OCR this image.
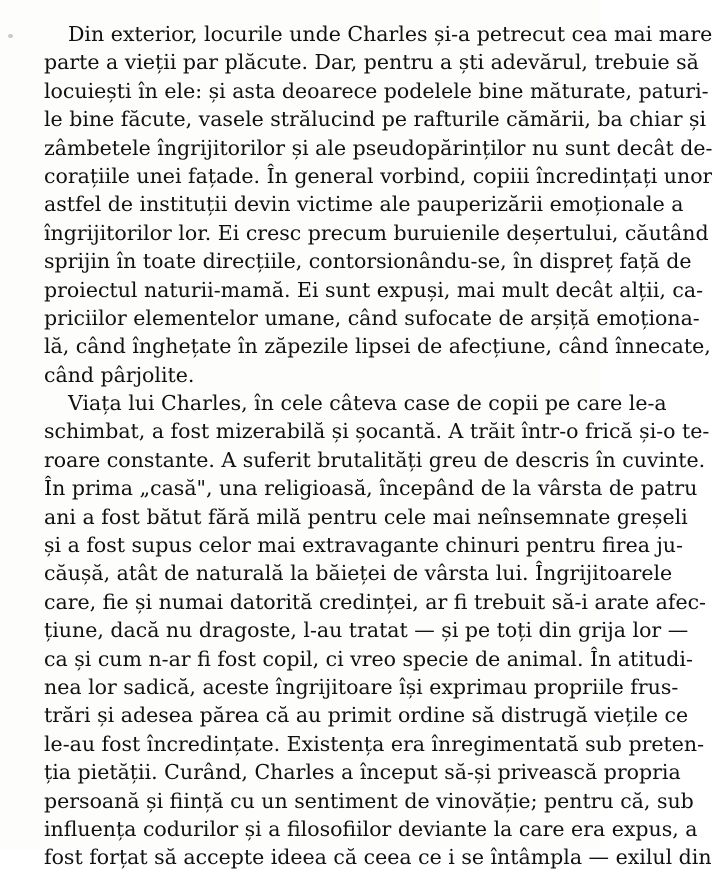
Din exterior, locurile unde Charles și-a petrecut cea mai mare
parte a vieții par plăcute. Dar, pentru a ști adevărul, trebuie să
locuiești în ele: și asta deoarece podelele bine măturate, paturi-
le bine făcute, vasele strălucind pe rafturile cămării, ba chiar și
zâmbetele îngrijitorilor și ale pseudopărinților nu sunt decât de-
corațiile unei fațade. În general vorbind, copiii încredințați unor
astfel de instituții devin victime ale pauperizării emoționale a
îngrijitorilor lor. Ei cresc precum buruienile deșertului, căutând
sprijin în toate direcțiile, contorsionându-se, în dispreț față de
proiectul naturii-mamă. Ei sunt expuși, mai mult decât alții, ca-
priciilor elementelor umane, când sufocate de arșiță emoționa-
lă, când înghețate în zăpezile lipsei de afecțiune, când înnecate,
când pârjolite.
Viața lui Charles, în cele câteva case de copii pe care le-a
schimbat, a fost mizerabilă și șocantă. A trăit într-o frică și-o te-
roare constante. A suferit brutalități greu de descris în cuvinte.
În prima „casă", una religioasă, începând de la vârsta de patru
ani a fost bătut fără milă pentru cele mai neînsemnate greșeli
și a fost supus celor mai extravagante chinuri pentru firea ju-
căușă, atât de naturală la băieței de vârsta lui. Îngrijitoarele
care, fie și numai datorită credinței, ar fi trebuit să-i arate afec-
țiune, dacă nu dragoste, l-au tratat — și pe toți din grija lor —
ca și cum n-ar fi fost copil, ci vreo specie de animal. În atitudi-
nea lor sadică, aceste îngrijitoare își exprimau propriile frus-
trări și adesea părea că au primit ordine să distrugă viețile ce
le-au fost încredințate. Existența era înregimentată sub preten-
ția pietății. Curând, Charles a început să-și privească propria
persoană și ființă cu un sentiment de vinovăție; pentru că, sub
influența codurilor și a filosofiilor deviante la care era expus, a
fost forțat să accepte ideea că ceea ce i se întâmpla — exilul din
